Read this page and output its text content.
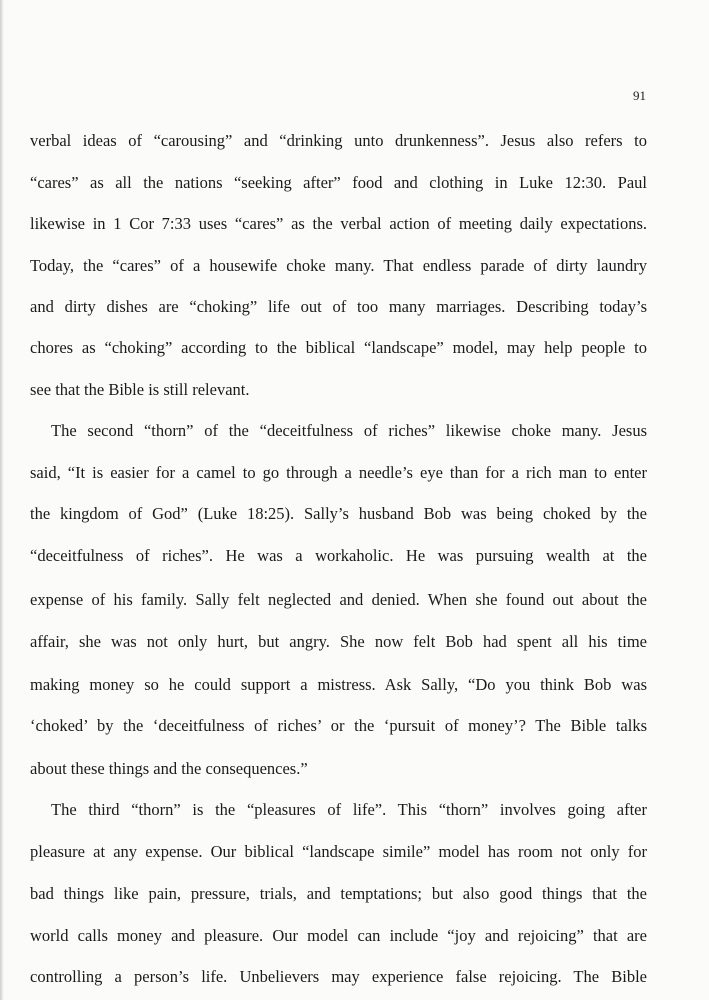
91
verbal ideas of “carousing” and “drinking unto drunkenness”. Jesus also refers to
“cares” as all the nations “seeking after” food and clothing in Luke 12:30. Paul
likewise in 1 Cor 7:33 uses “cares” as the verbal action of meeting daily expectations.
Today, the “cares” of a housewife choke many. That endless parade of dirty laundry
and dirty dishes are “choking” life out of too many marriages. Describing today’s
chores as “choking” according to the biblical “landscape” model, may help people to
see that the Bible is still relevant.
The second “thorn” of the “deceitfulness of riches” likewise choke many. Jesus
said, “It is easier for a camel to go through a needle’s eye than for a rich man to enter
the kingdom of God” (Luke 18:25). Sally’s husband Bob was being choked by the
“deceitfulness of riches”. He was a workaholic. He was pursuing wealth at the
expense of his family. Sally felt neglected and denied. When she found out about the
affair, she was not only hurt, but angry. She now felt Bob had spent all his time
making money so he could support a mistress. Ask Sally, “Do you think Bob was
‘choked’ by the ‘deceitfulness of riches’ or the ‘pursuit of money’? The Bible talks
about these things and the consequences.”
The third “thorn” is the “pleasures of life”. This “thorn” involves going after
pleasure at any expense. Our biblical “landscape simile” model has room not only for
bad things like pain, pressure, trials, and temptations; but also good things that the
world calls money and pleasure. Our model can include “joy and rejoicing” that are
controlling a person’s life. Unbelievers may experience false rejoicing. The Bible
